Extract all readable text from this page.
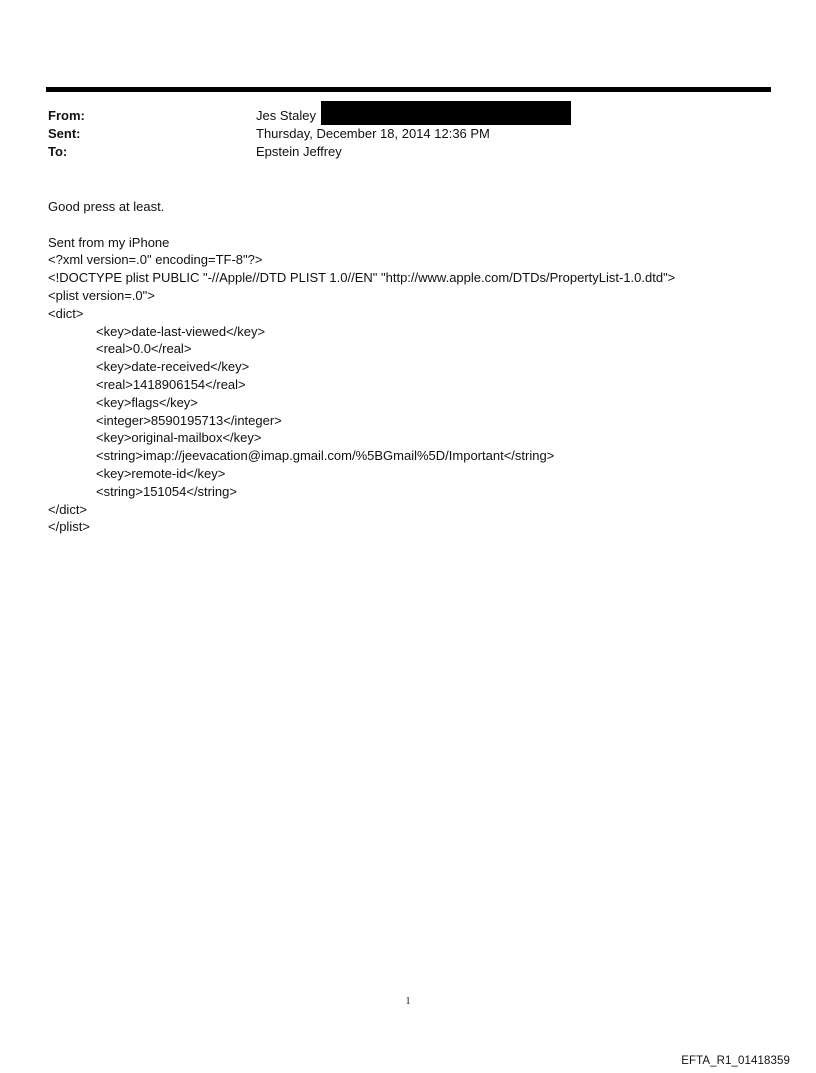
From:	Jes Staley
Sent:	Thursday, December 18, 2014 12:36 PM
To:	Epstein Jeffrey
Good press at least.
Sent from my iPhone
<?xml version=.0" encoding=TF-8"?>
<!DOCTYPE plist PUBLIC "-//Apple//DTD PLIST 1.0//EN" "http://www.apple.com/DTDs/PropertyList-1.0.dtd">
<plist version=.0">
<dict>
<key>date-last-viewed</key>
<real>0.0</real>
<key>date-received</key>
<real>1418906154</real>
<key>flags</key>
<integer>8590195713</integer>
<key>original-mailbox</key>
<string>imap://jeevacation@imap.gmail.com/%5BGmail%5D/Important</string>
<key>remote-id</key>
<string>151054</string>
</dict>
</plist>
1
EFTA_R1_01418359
